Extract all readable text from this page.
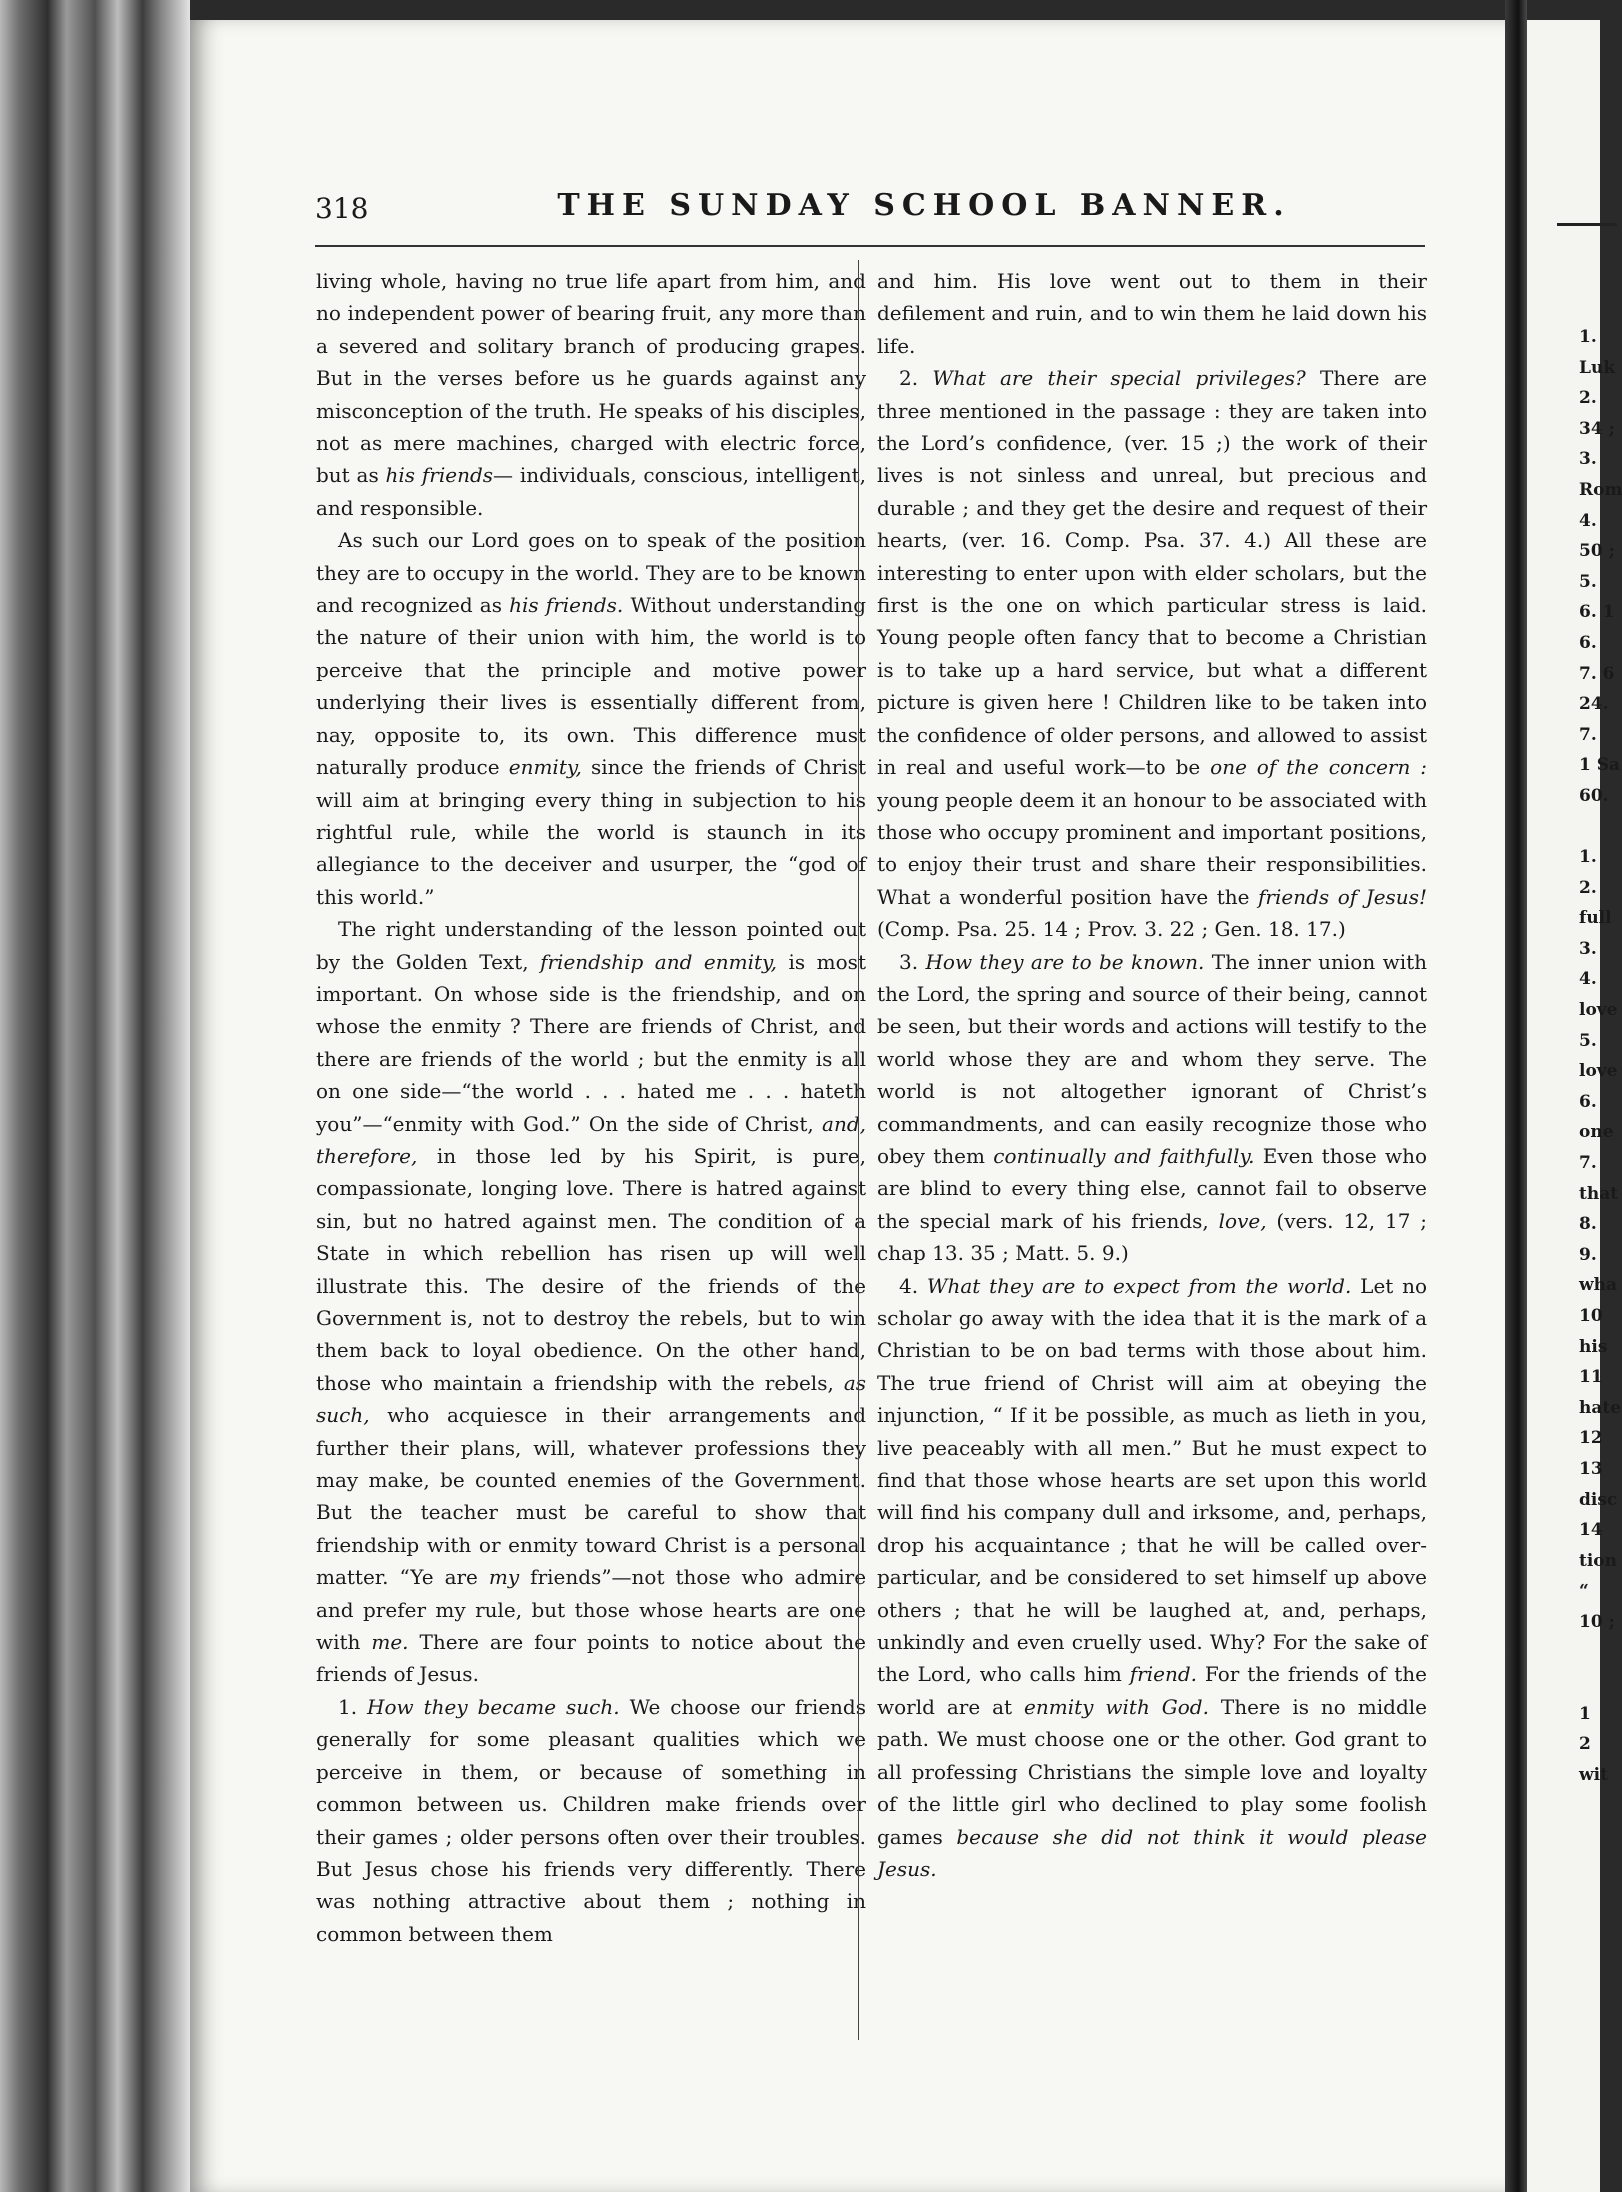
318	THE SUNDAY SCHOOL BANNER.

living whole, having no true life apart from him, and no independent power of bearing fruit, any more than a severed and solitary branch of producing grapes. But in the verses before us he guards against any misconception of the truth. He speaks of his disciples, not as mere machines, charged with electric force, but as his friends— individuals, conscious, intelligent, and responsible.

As such our Lord goes on to speak of the position they are to occupy in the world. They are to be known and recognized as his friends. Without understanding the nature of their union with him, the world is to perceive that the principle and motive power underlying their lives is essentially different from, nay, opposite to, its own. This difference must naturally produce enmity, since the friends of Christ will aim at bringing every thing in subjection to his rightful rule, while the world is staunch in its allegiance to the deceiver and usurper, the “god of this world.”

The right understanding of the lesson pointed out by the Golden Text, friendship and enmity, is most important. On whose side is the friendship, and on whose the enmity ? There are friends of Christ, and there are friends of the world ; but the enmity is all on one side—“the world . . . hated me . . . hateth you”—“enmity with God.” On the side of Christ, and, therefore, in those led by his Spirit, is pure, compassionate, longing love. There is hatred against sin, but no hatred against men. The condition of a State in which rebellion has risen up will well illustrate this. The desire of the friends of the Government is, not to destroy the rebels, but to win them back to loyal obedience. On the other hand, those who maintain a friendship with the rebels, as such, who acquiesce in their arrangements and further their plans, will, whatever professions they may make, be counted enemies of the Government. But the teacher must be careful to show that friendship with or enmity toward Christ is a personal matter. “Ye are my friends”—not those who admire and prefer my rule, but those whose hearts are one with me. There are four points to notice about the friends of Jesus.

1. How they became such. We choose our friends generally for some pleasant qualities which we perceive in them, or because of something in common between us. Children make friends over their games ; older persons often over their troubles. But Jesus chose his friends very differently. There was nothing attractive about them ; nothing in common between them

and him. His love went out to them in their defilement and ruin, and to win them he laid down his life.

2. What are their special privileges? There are three mentioned in the passage : they are taken into the Lord’s confidence, (ver. 15 ;) the work of their lives is not sinless and unreal, but precious and durable ; and they get the desire and request of their hearts, (ver. 16. Comp. Psa. 37. 4.) All these are interesting to enter upon with elder scholars, but the first is the one on which particular stress is laid. Young people often fancy that to become a Christian is to take up a hard service, but what a different picture is given here ! Children like to be taken into the confidence of older persons, and allowed to assist in real and useful work—to be one of the concern : young people deem it an honour to be associated with those who occupy prominent and important positions, to enjoy their trust and share their responsibilities. What a wonderful position have the friends of Jesus! (Comp. Psa. 25. 14 ; Prov. 3. 22 ; Gen. 18. 17.)

3. How they are to be known. The inner union with the Lord, the spring and source of their being, cannot be seen, but their words and actions will testify to the world whose they are and whom they serve. The world is not altogether ignorant of Christ’s commandments, and can easily recognize those who obey them continually and faithfully. Even those who are blind to every thing else, cannot fail to observe the special mark of his friends, love, (vers. 12, 17 ; chap 13. 35 ; Matt. 5. 9.)

4. What they are to expect from the world. Let no scholar go away with the idea that it is the mark of a Christian to be on bad terms with those about him. The true friend of Christ will aim at obeying the injunction, “ If it be possible, as much as lieth in you, live peaceably with all men.” But he must expect to find that those whose hearts are set upon this world will find his company dull and irksome, and, perhaps, drop his acquaintance ; that he will be called over-particular, and be considered to set himself up above others ; that he will be laughed at, and, perhaps, unkindly and even cruelly used. Why? For the sake of the Lord, who calls him friend. For the friends of the world are at enmity with God. There is no middle path. We must choose one or the other. God grant to all professing Christians the simple love and loyalty of the little girl who declined to play some foolish games because she did not think it would please Jesus.

1.
Luk
2.
34 ;
3.
Rom
4.
50 ;
5.
6. 1
6.
7. 6
24.
7.
1 Sa
60.
1.
2.
full
3.
4.
love
5.
love
6.
one
7.
that
8.
9.
wha
10
his
11
hate
12
13
disc
14
tion
“
10 ;
1
2
wit
